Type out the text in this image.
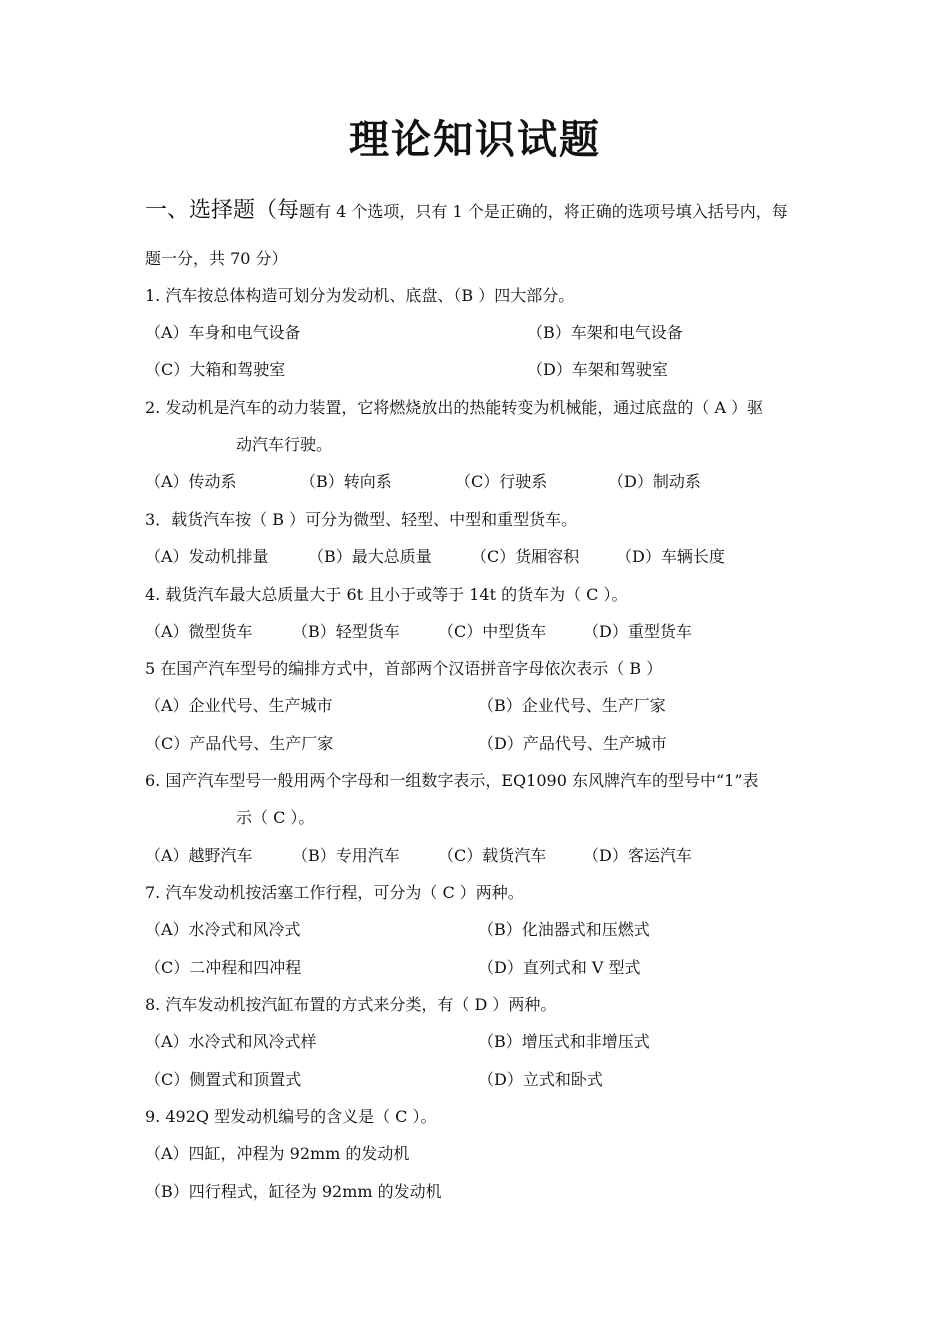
理论知识试题
一、选择题（每题有 4 个选项，只有 1 个是正确的，将正确的选项号填入括号内，每
题一分，共 70 分）
1. 汽车按总体构造可划分为发动机、底盘、（B ）四大部分。
（A）车身和电气设备	（B）车架和电气设备
（C）大箱和驾驶室	（D）车架和驾驶室
2. 发动机是汽车的动力装置，它将燃烧放出的热能转变为机械能，通过底盘的（ A ）驱
动汽车行驶。
（A）传动系	（B）转向系	（C）行驶系	（D）制动系
3．载货汽车按（ B ）可分为微型、轻型、中型和重型货车。
（A）发动机排量 （B）最大总质量 （C）货厢容积 （D）车辆长度
4. 载货汽车最大总质量大于 6t 且小于或等于 14t 的货车为（ C ）。
（A）微型货车 （B）轻型货车 （C）中型货车 （D）重型货车
5 在国产汽车型号的编排方式中，首部两个汉语拼音字母依次表示（ B ）
（A）企业代号、生产城市	（B）企业代号、生产厂家
（C）产品代号、生产厂家	（D）产品代号、生产城市
6. 国产汽车型号一般用两个字母和一组数字表示，EQ1090 东风牌汽车的型号中“1”表
示（ C ）。
（A）越野汽车 （B）专用汽车 （C）载货汽车 （D）客运汽车
7. 汽车发动机按活塞工作行程，可分为（ C ）两种。
（A）水冷式和风冷式	（B）化油器式和压燃式
（C）二冲程和四冲程	（D）直列式和 V 型式
8. 汽车发动机按汽缸布置的方式来分类，有（ D ）两种。
（A）水冷式和风冷式样	（B）增压式和非增压式
（C）侧置式和顶置式	（D）立式和卧式
9. 492Q 型发动机编号的含义是（ C ）。
（A）四缸，冲程为 92mm 的发动机
（B）四行程式，缸径为 92mm 的发动机
